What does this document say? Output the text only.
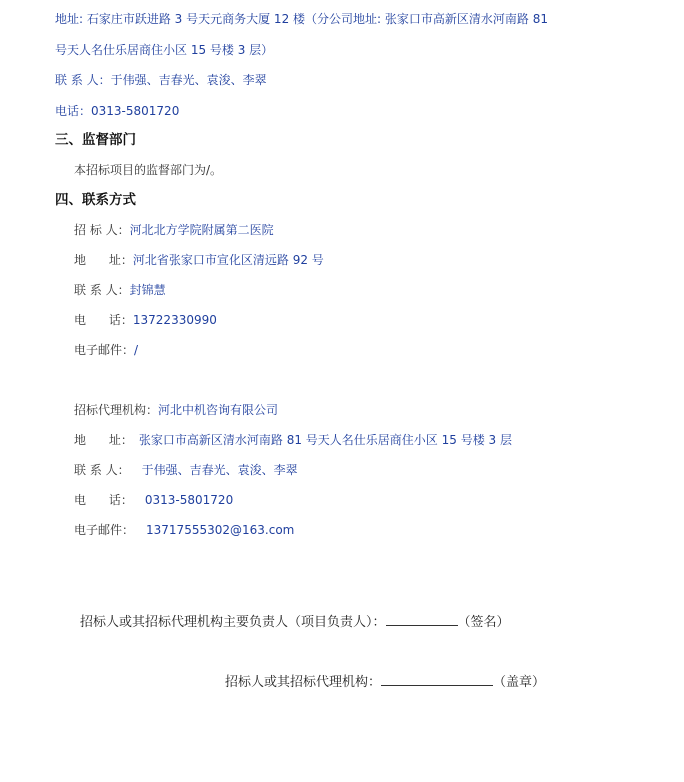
地址: 石家庄市跃进路 3 号天元商务大厦 12 楼（分公司地址: 张家口市高新区清水河南路 81
号天人名仕乐居商住小区 15 号楼 3 层）
联 系 人：于伟强、吉春光、袁浚、李翠
电话：0313-5801720
三、监督部门
本招标项目的监督部门为/。
四、联系方式
招 标 人：河北北方学院附属第二医院
地      址：河北省张家口市宣化区清远路 92 号
联 系 人：封锦慧
电      话：13722330990
电子邮件：/
招标代理机构：河北中机咨询有限公司
地      址： 张家口市高新区清水河南路 81 号天人名仕乐居商住小区 15 号楼 3 层
联 系 人： 于伟强、吉春光、袁浚、李翠
电      话： 0313-5801720
电子邮件： 13717555302@163.com
招标人或其招标代理机构主要负责人（项目负责人）：	（签名）
招标人或其招标代理机构：	（盖章）
